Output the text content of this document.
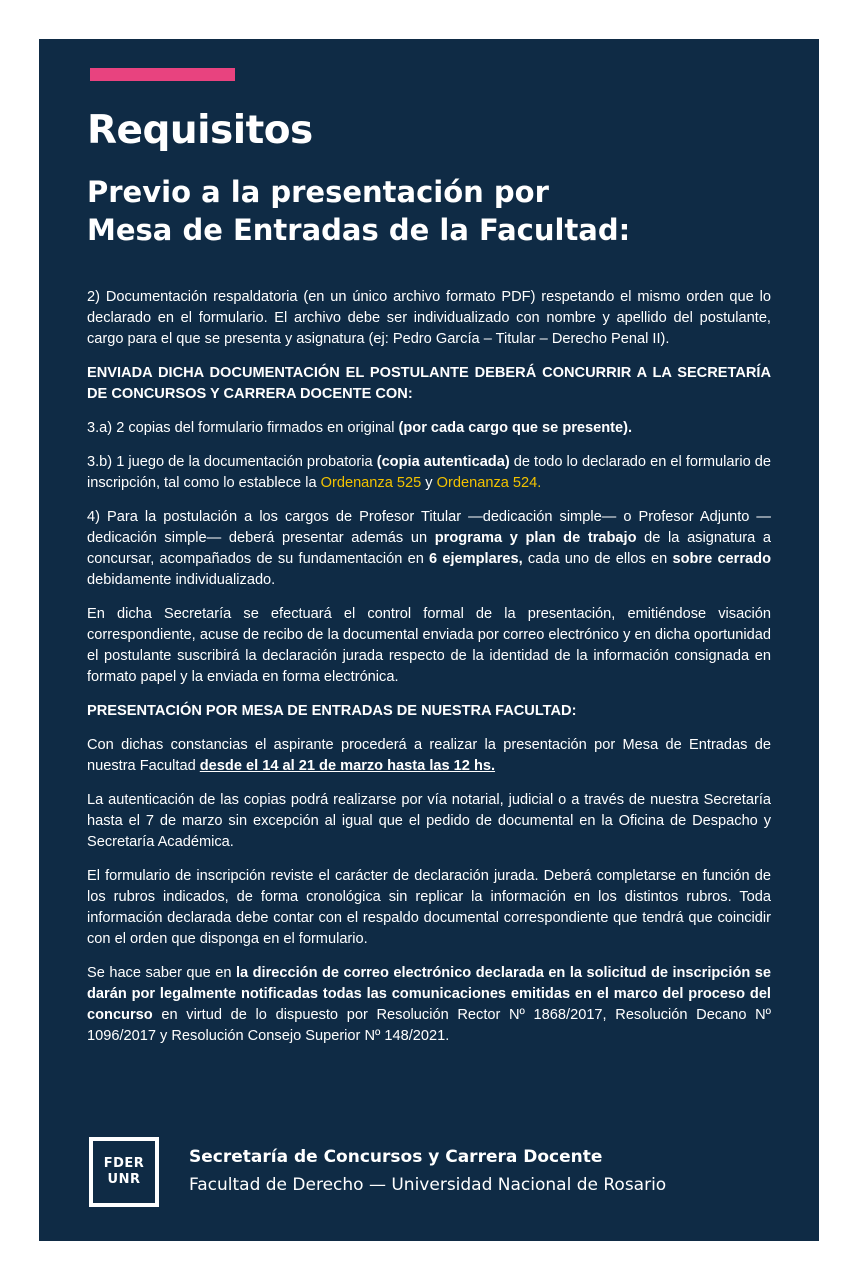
Requisitos
Previo a la presentación por
Mesa de Entradas de la Facultad:

2) Documentación respaldatoria (en un único archivo formato PDF) respetando el mismo orden que lo declarado en el formulario. El archivo debe ser individualizado con nombre y apellido del postulante, cargo para el que se presenta y asignatura (ej: Pedro García – Titular – Derecho Penal II).

ENVIADA DICHA DOCUMENTACIÓN EL POSTULANTE DEBERÁ CONCURRIR A LA SECRETARÍA DE CONCURSOS Y CARRERA DOCENTE CON:

3.a) 2 copias del formulario firmados en original (por cada cargo que se presente).

3.b) 1 juego de la documentación probatoria (copia autenticada) de todo lo declarado en el formulario de inscripción, tal como lo establece la Ordenanza 525 y Ordenanza 524.

4) Para la postulación a los cargos de Profesor Titular —dedicación simple— o Profesor Adjunto —dedicación simple— deberá presentar además un programa y plan de trabajo de la asignatura a concursar, acompañados de su fundamentación en 6 ejemplares, cada uno de ellos en sobre cerrado debidamente individualizado.

En dicha Secretaría se efectuará el control formal de la presentación, emitiéndose visación correspondiente, acuse de recibo de la documental enviada por correo electrónico y en dicha oportunidad el postulante suscribirá la declaración jurada respecto de la identidad de la información consignada en formato papel y la enviada en forma electrónica.

PRESENTACIÓN POR MESA DE ENTRADAS DE NUESTRA FACULTAD:

Con dichas constancias el aspirante procederá a realizar la presentación por Mesa de Entradas de nuestra Facultad desde el 14 al 21 de marzo hasta las 12 hs.

La autenticación de las copias podrá realizarse por vía notarial, judicial o a través de nuestra Secretaría hasta el 7 de marzo sin excepción al igual que el pedido de documental en la Oficina de Despacho y Secretaría Académica.

El formulario de inscripción reviste el carácter de declaración jurada. Deberá completarse en función de los rubros indicados, de forma cronológica sin replicar la información en los distintos rubros. Toda información declarada debe contar con el respaldo documental correspondiente que tendrá que coincidir con el orden que disponga en el formulario.

Se hace saber que en la dirección de correo electrónico declarada en la solicitud de inscripción se darán por legalmente notificadas todas las comunicaciones emitidas en el marco del proceso del concurso en virtud de lo dispuesto por Resolución Rector Nº 1868/2017, Resolución Decano Nº 1096/2017 y Resolución Consejo Superior Nº 148/2021.

FDER
UNR
Secretaría de Concursos y Carrera Docente
Facultad de Derecho — Universidad Nacional de Rosario
